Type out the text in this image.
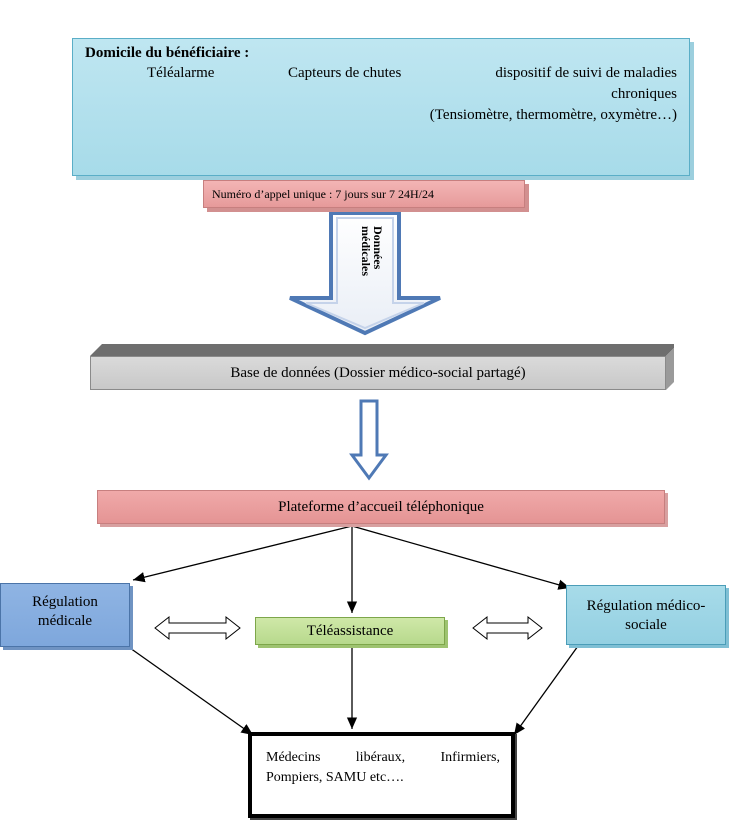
Domicile du bénéficiaire :
Téléalarme	Capteurs de chutes	dispositif de suivi de maladies
chroniques
(Tensiomètre, thermomètre, oxymètre…)
Numéro d’appel unique : 7 jours sur 7 24H/24
Données
médicales
Base de données (Dossier médico-social partagé)
Plateforme d’accueil téléphonique
Régulation
médicale
Régulation médico-
sociale
Téléassistance
Médecins libéraux, Infirmiers,
Pompiers, SAMU etc….
